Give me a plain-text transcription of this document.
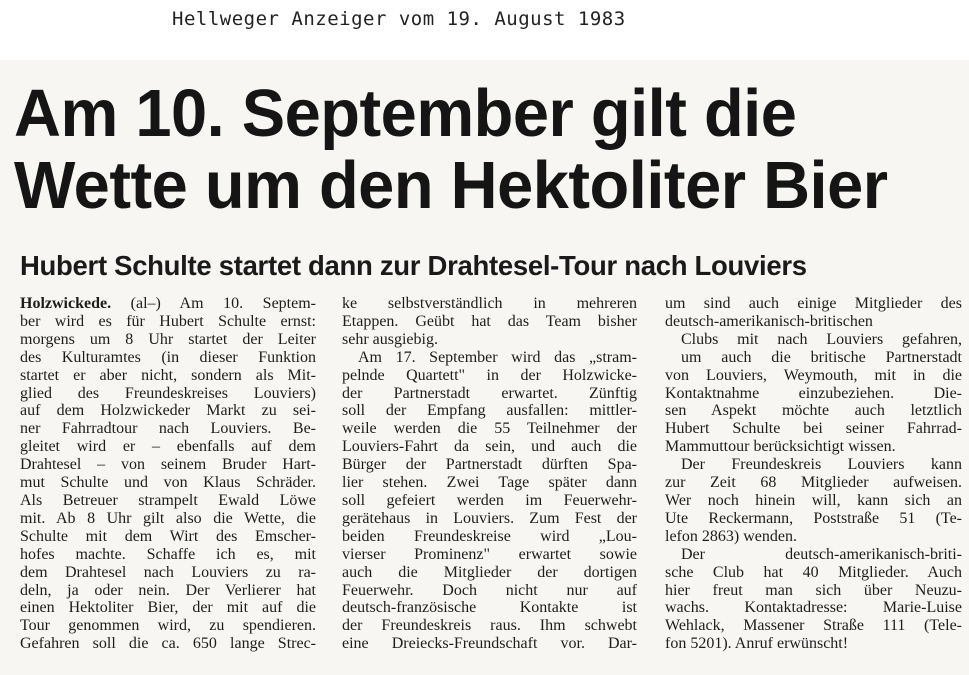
Hellweger Anzeiger vom 19. August 1983
Am 10. September gilt die
Wette um den Hektoliter Bier
Hubert Schulte startet dann zur Drahtesel-Tour nach Louviers
Holzwickede. (al–) Am 10. Septem-
ber wird es für Hubert Schulte ernst:
morgens um 8 Uhr startet der Leiter
des Kulturamtes (in dieser Funktion
startet er aber nicht, sondern als Mit-
glied des Freundeskreises Louviers)
auf dem Holzwickeder Markt zu sei-
ner Fahrradtour nach Louviers. Be-
gleitet wird er – ebenfalls auf dem
Drahtesel – von seinem Bruder Hart-
mut Schulte und von Klaus Schräder.
Als Betreuer strampelt Ewald Löwe
mit. Ab 8 Uhr gilt also die Wette, die
Schulte mit dem Wirt des Emscher-
hofes machte. Schaffe ich es, mit
dem Drahtesel nach Louviers zu ra-
deln, ja oder nein. Der Verlierer hat
einen Hektoliter Bier, der mit auf die
Tour genommen wird, zu spendieren.
Gefahren soll die ca. 650 lange Strec-
ke selbstverständlich in mehreren
Etappen. Geübt hat das Team bisher
sehr ausgiebig.
Am 17. September wird das „stram-
pelnde Quartett" in der Holzwicke-
der Partnerstadt erwartet. Zünftig
soll der Empfang ausfallen: mittler-
weile werden die 55 Teilnehmer der
Louviers-Fahrt da sein, und auch die
Bürger der Partnerstadt dürften Spa-
lier stehen. Zwei Tage später dann
soll gefeiert werden im Feuerwehr-
gerätehaus in Louviers. Zum Fest der
beiden Freundeskreise wird „Lou-
vierser Prominenz" erwartet sowie
auch die Mitglieder der dortigen
Feuerwehr. Doch nicht nur auf
deutsch-französische Kontakte ist
der Freundeskreis raus. Ihm schwebt
eine Dreiecks-Freundschaft vor. Dar-
um sind auch einige Mitglieder des
deutsch-amerikanisch-britischen
Clubs mit nach Louviers gefahren,
um auch die britische Partnerstadt
von Louviers, Weymouth, mit in die
Kontaktnahme einzubeziehen. Die-
sen Aspekt möchte auch letztlich
Hubert Schulte bei seiner Fahrrad-
Mammuttour berücksichtigt wissen.
Der Freundeskreis Louviers kann
zur Zeit 68 Mitglieder aufweisen.
Wer noch hinein will, kann sich an
Ute Reckermann, Poststraße 51 (Te-
lefon 2863) wenden.
Der deutsch-amerikanisch-briti-
sche Club hat 40 Mitglieder. Auch
hier freut man sich über Neuzu-
wachs. Kontaktadresse: Marie-Luise
Wehlack, Massener Straße 111 (Tele-
fon 5201). Anruf erwünscht!
